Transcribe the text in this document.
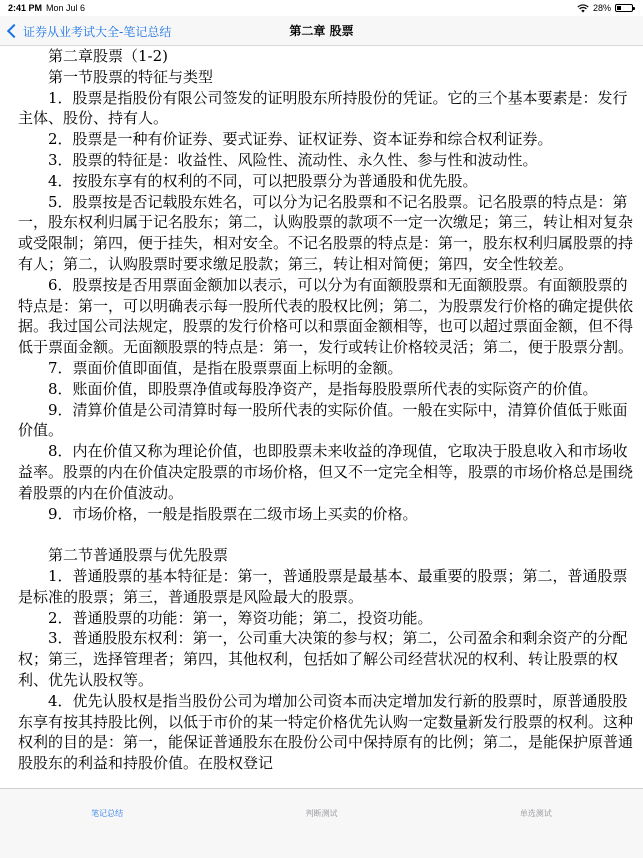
2:41 PM Mon Jul 6	28%
证券从业考试大全-笔记总结	第二章 股票

第二章股票（1-2)

第一节股票的特征与类型

1．股票是指股份有限公司签发的证明股东所持股份的凭证。它的三个基本要素是：发行主体、股份、持有人。

2．股票是一种有价证券、要式证券、证权证券、资本证券和综合权利证券。

3．股票的特征是：收益性、风险性、流动性、永久性、参与性和波动性。

4．按股东享有的权利的不同，可以把股票分为普通股和优先股。

5．股票按是否记载股东姓名，可以分为记名股票和不记名股票。记名股票的特点是：第一，股东权利归属于记名股东；第二，认购股票的款项不一定一次缴足；第三，转让相对复杂或受限制；第四，便于挂失，相对安全。不记名股票的特点是：第一，股东权利归属股票的持有人；第二，认购股票时要求缴足股款；第三，转让相对简便；第四，安全性较差。

6．股票按是否用票面金额加以表示，可以分为有面额股票和无面额股票。有面额股票的特点是：第一，可以明确表示每一股所代表的股权比例；第二，为股票发行价格的确定提供依据。我过国公司法规定，股票的发行价格可以和票面金额相等，也可以超过票面金额，但不得低于票面金额。无面额股票的特点是：第一，发行或转让价格较灵活；第二，便于股票分割。

7．票面价值即面值，是指在股票票面上标明的金额。

8．账面价值，即股票净值或每股净资产，是指每股股票所代表的实际资产的价值。

9．清算价值是公司清算时每一股所代表的实际价值。一般在实际中，清算价值低于账面价值。

8．内在价值又称为理论价值，也即股票未来收益的净现值，它取决于股息收入和市场收益率。股票的内在价值决定股票的市场价格，但又不一定完全相等，股票的市场价格总是围绕着股票的内在价值波动。

9．市场价格，一般是指股票在二级市场上买卖的价格。

第二节普通股票与优先股票

1．普通股票的基本特征是：第一，普通股票是最基本、最重要的股票；第二，普通股票是标准的股票；第三，普通股票是风险最大的股票。

2．普通股票的功能：第一，筹资功能；第二，投资功能。

3．普通股股东权利：第一，公司重大决策的参与权；第二，公司盈余和剩余资产的分配权；第三，选择管理者；第四，其他权利，包括如了解公司经营状况的权利、转让股票的权利、优先认股权等。

4．优先认股权是指当股份公司为增加公司资本而决定增加发行新的股票时，原普通股股东享有按其持股比例，以低于市价的某一特定价格优先认购一定数量新发行股票的权利。这种权利的目的是：第一，能保证普通股东在股份公司中保持原有的比例；第二，是能保护原普通股股东的利益和持股价值。在股权登记

笔记总结	判断测试	单选测试
